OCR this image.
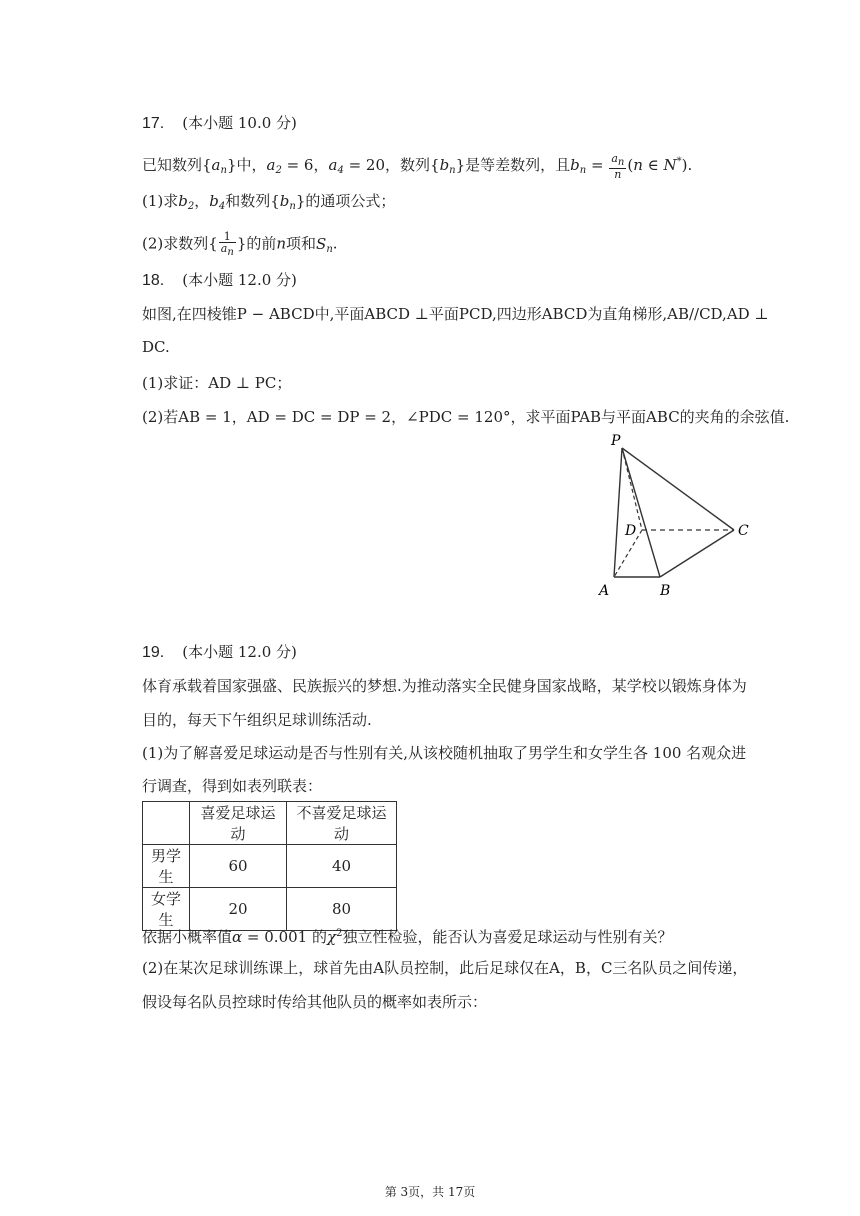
17. (本小题 10.0 分)
已知数列$\{a_n\}$中，$a_2 = 6$，$a_4 = 20$，数列$\{b_n\}$是等差数列，且$b_n = \frac{an}{n} (n$ ∈ N*).
(1)求$b_2$，$b_4$和数列$\{b_n\}$的通项公式；
(2)求数列{ $\frac{1}{an}$ }的前n项和$S_n$.
18. (本小题 12.0 分)
如图,在四棱锥P − ABCD中,平面ABCD ⊥平面PCD,四边形ABCD为直角梯形,AB//CD,AD ⊥
DC.
(1)求证：AD ⊥ PC；
(2)若AB = 1，AD = DC = DP = 2，∠PDC = 120°，求平面PAB与平面ABC的夹角的余弦值.
P
D	C
A	B
19. (本小题 12.0 分)
体育承载着国家强盛、民族振兴的梦想.为推动落实全民健身国家战略，某学校以锻炼身体为
目的，每天下午组织足球训练活动.
(1)为了解喜爱足球运动是否与性别有关,从该校随机抽取了男学生和女学生各 100 名观众进
行调查，得到如表列联表：
	喜爱足球运动	不喜爱足球运动
男学生	60	40
女学生	20	80
依据小概率值α = 0.001 的$\chi^2$独立性检验，能否认为喜爱足球运动与性别有关？
(2)在某次足球训练课上，球首先由A队员控制，此后足球仅在A，B，C三名队员之间传递，
假设每名队员控球时传给其他队员的概率如表所示：
第 3页，共 17页
